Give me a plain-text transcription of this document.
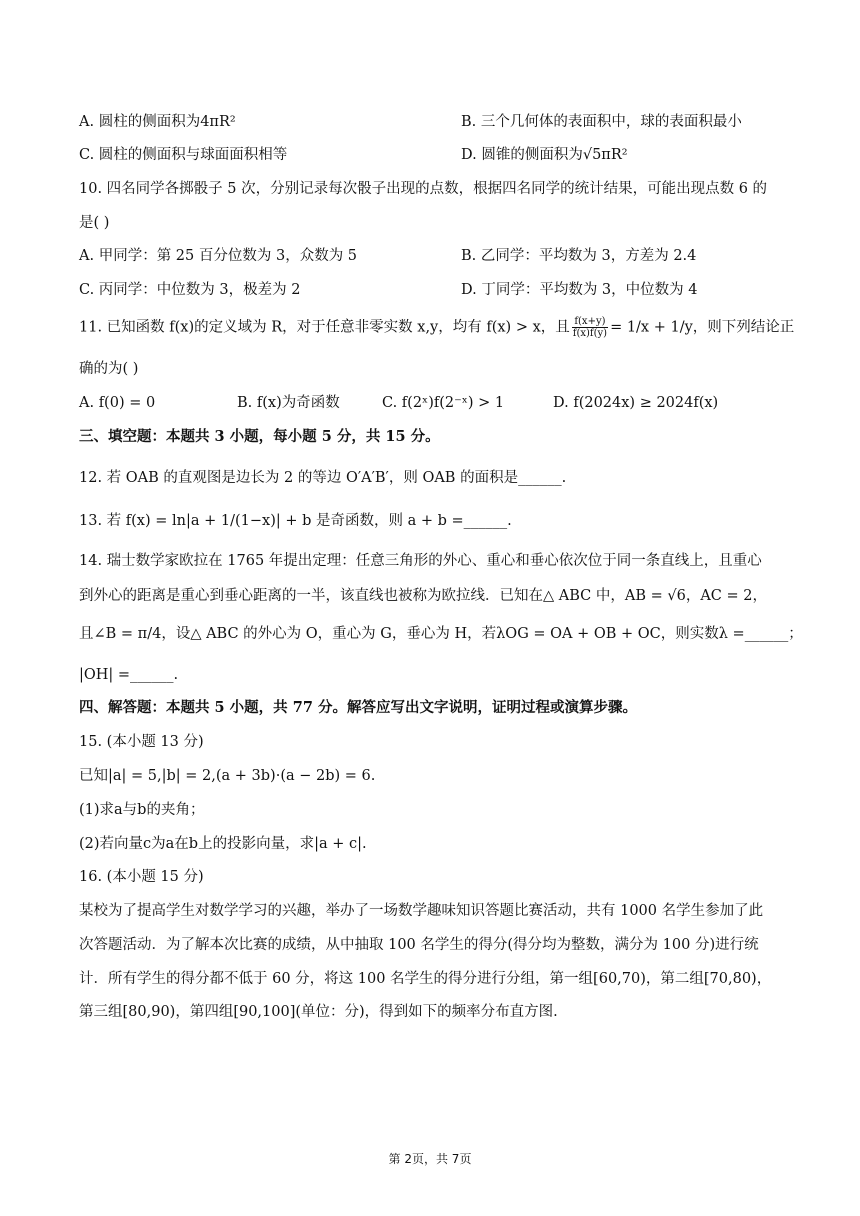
A. 圆柱的侧面积为4πR²	B. 三个几何体的表面积中，球的表面积最小
C. 圆柱的侧面积与球面面积相等	D. 圆锥的侧面积为√5πR²
10. 四名同学各掷骰子 5 次，分别记录每次骰子出现的点数，根据四名同学的统计结果，可能出现点数 6 的
是( )
A. 甲同学：第 25 百分位数为 3，众数为 5	B. 乙同学：平均数为 3，方差为 2.4
C. 丙同学：中位数为 3，极差为 2	D. 丁同学：平均数为 3，中位数为 4
11. 已知函数 f(x)的定义域为 R，对于任意非零实数 x,y，均有 f(x) > x，且 $\frac{f(x+y)}{f(x)f(y)} = 1/x + 1/y$，则下列结论正
确的为( )
A. f(0) = 0	B. f(x)为奇函数	C. f(2ˣ)f(2⁻ˣ) > 1	D. f(2024x) ≥ 2024f(x)
三、填空题：本题共 3 小题，每小题 5 分，共 15 分。
12. 若 OAB 的直观图是边长为 2 的等边 O′A′B′，则 OAB 的面积是______.
13. 若 f(x) = ln|a + 1/(1−x)| + b 是奇函数，则 a + b =______.
14. 瑞士数学家欧拉在 1765 年提出定理：任意三角形的外心、重心和垂心依次位于同一条直线上，且重心
到外心的距离是重心到垂心距离的一半，该直线也被称为欧拉线．已知在△ ABC 中，AB = √6，AC = 2，
且∠B = π/4，设△ ABC 的外心为 O，重心为 G，垂心为 H，若λOG = OA + OB + OC，则实数λ =______；
|OH| =______.
四、解答题：本题共 5 小题，共 77 分。解答应写出文字说明，证明过程或演算步骤。
15. (本小题 13 分)
已知|a| = 5,|b| = 2,(a + 3b)·(a − 2b) = 6.
(1)求a与b的夹角；
(2)若向量c为a在b上的投影向量，求|a + c|.
16. (本小题 15 分)
某校为了提高学生对数学学习的兴趣，举办了一场数学趣味知识答题比赛活动，共有 1000 名学生参加了此
次答题活动．为了解本次比赛的成绩，从中抽取 100 名学生的得分(得分均为整数，满分为 100 分)进行统
计．所有学生的得分都不低于 60 分，将这 100 名学生的得分进行分组，第一组[60,70)，第二组[70,80)，
第三组[80,90)，第四组[90,100](单位：分)，得到如下的频率分布直方图.
第 2页，共 7页
